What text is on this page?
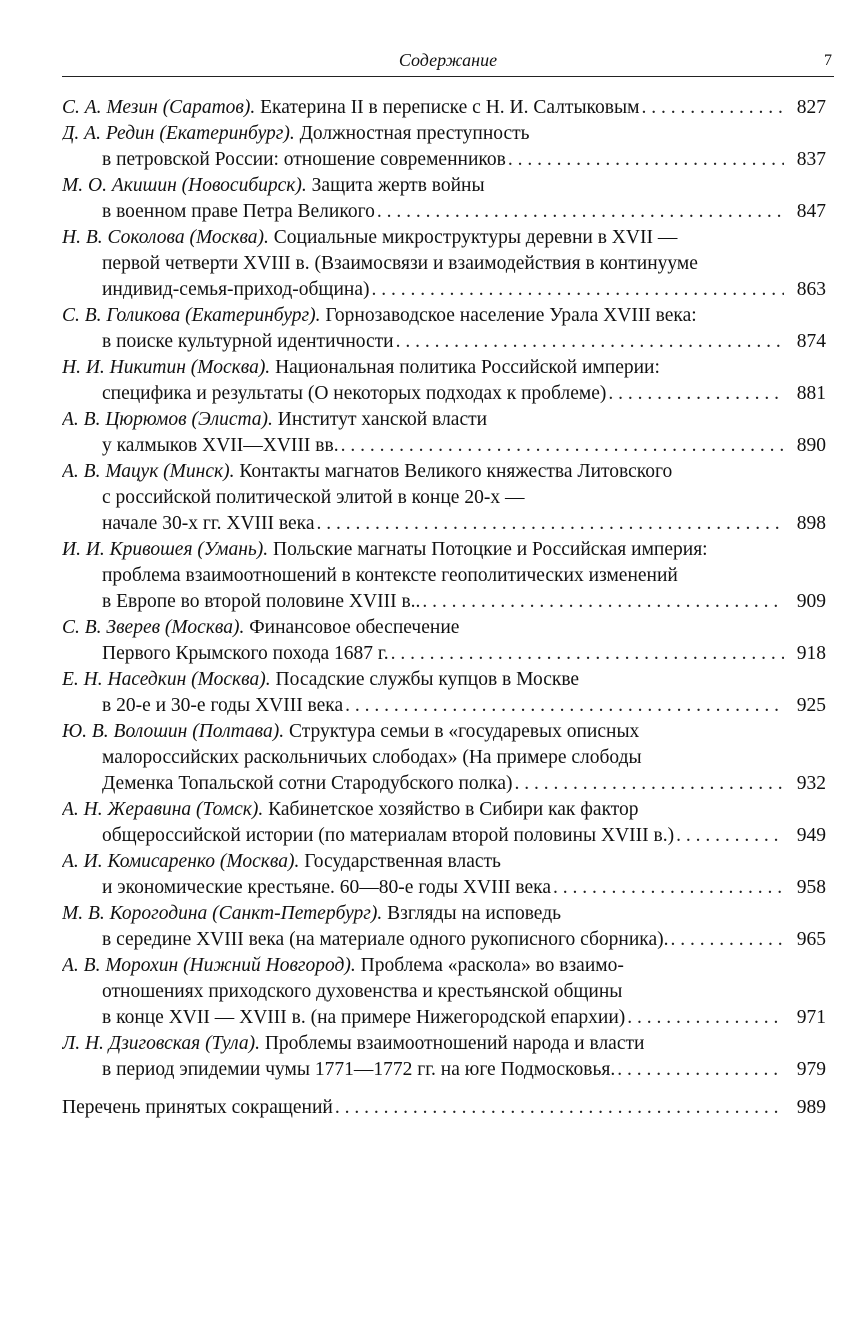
Содержание	7
С. А. Мезин (Саратов). Екатерина II в переписке с Н. И. Салтыковым . . .	827
Д. А. Редин (Екатеринбург). Должностная преступность
в петровской России: отношение современников . . .	837
М. О. Акишин (Новосибирск). Защита жертв войны
в военном праве Петра Великого . . .	847
Н. В. Соколова (Москва). Социальные микроструктуры деревни в XVII —
первой четверти XVIII в. (Взаимосвязи и взаимодействия в континууме
индивид-семья-приход-община) . . .	863
С. В. Голикова (Екатеринбург). Горнозаводское население Урала XVIII века:
в поиске культурной идентичности . . .	874
Н. И. Никитин (Москва). Национальная политика Российской империи:
специфика и результаты (О некоторых подходах к проблеме) . . .	881
А. В. Цюрюмов (Элиста). Институт ханской власти
у калмыков XVII—XVIII вв. . . .	890
А. В. Мацук (Минск). Контакты магнатов Великого княжества Литовского
с российской политической элитой в конце 20-х —
начале 30-х гг. XVIII века . . .	898
И. И. Кривошея (Умань). Польские магнаты Потоцкие и Российская империя:
проблема взаимоотношений в контексте геополитических изменений
в Европе во второй половине XVIII в.. . . .	909
С. В. Зверев (Москва). Финансовое обеспечение
Первого Крымского похода 1687 г. . . .	918
Е. Н. Наседкин (Москва). Посадские службы купцов в Москве
в 20-е и 30-е годы XVIII века . . .	925
Ю. В. Волошин (Полтава). Структура семьи в «государевых описных
малороссийских раскольничьих слободах» (На примере слободы
Деменка Топальской сотни Стародубского полка) . . .	932
А. Н. Жеравина (Томск). Кабинетское хозяйство в Сибири как фактор
общероссийской истории (по материалам второй половины XVIII в.) . . .	949
А. И. Комисаренко (Москва). Государственная власть
и экономические крестьяне. 60—80-е годы XVIII века . . .	958
М. В. Корогодина (Санкт-Петербург). Взгляды на исповедь
в середине XVIII века (на материале одного рукописного сборника). . . .	965
А. В. Морохин (Нижний Новгород). Проблема «раскола» во взаимо-
отношениях приходского духовенства и крестьянской общины
в конце XVII — XVIII в. (на примере Нижегородской епархии) . . .	971
Л. Н. Дзиговская (Тула). Проблемы взаимоотношений народа и власти
в период эпидемии чумы 1771—1772 гг. на юге Подмосковья. . . .	979
Перечень принятых сокращений . . .	989
